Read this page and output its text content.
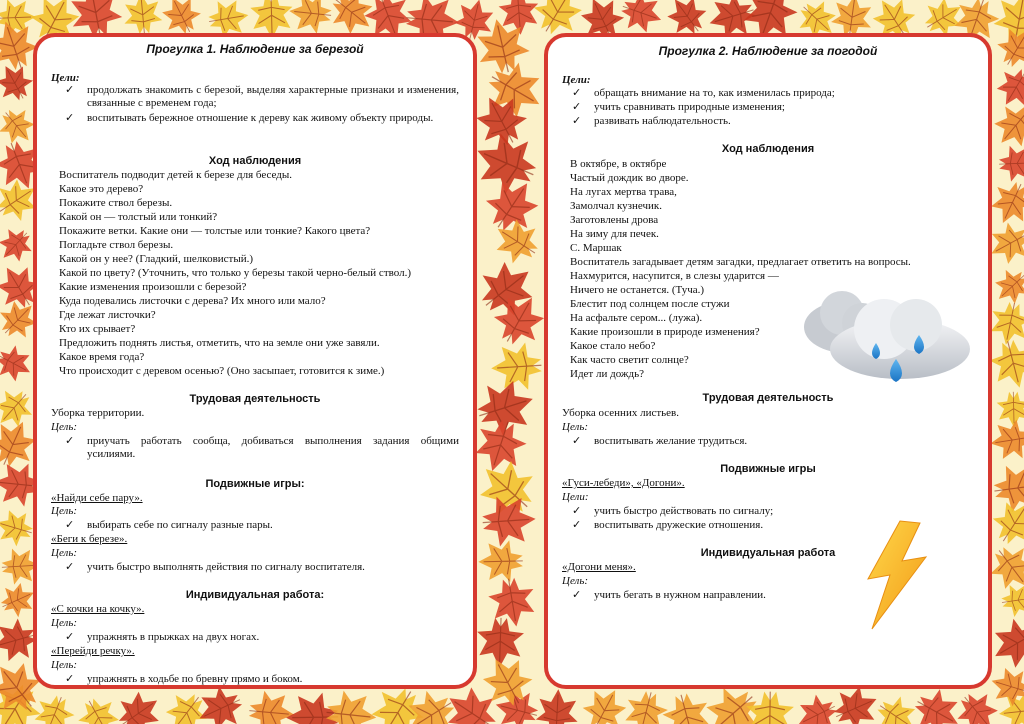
Прогулка 1. Наблюдение за березой
Цели:
✓ продолжать знакомить с березой, выделяя характерные признаки и изменения, связанные с временем года;
✓ воспитывать бережное отношение к дереву как живому объекту природы.
Ход наблюдения
Воспитатель подводит детей к березе для беседы.
Какое это дерево?
Покажите ствол березы.
Какой он — толстый или тонкий?
Покажите ветки. Какие они — толстые или тонкие? Какого цвета?
Погладьте ствол березы.
Какой он у нее? (Гладкий, шелковистый.)
Какой по цвету? (Уточнить, что только у березы такой черно-белый ствол.)
Какие изменения произошли с березой?
Куда подевались листочки с дерева? Их много или мало?
Где лежат листочки?
Кто их срывает?
Предложить поднять листья, отметить, что на земле они уже завяли.
Какое время года?
Что происходит с деревом осенью? (Оно засыпает, готовится к зиме.)
Трудовая деятельность
Уборка территории.
Цель:
✓ приучать работать сообща, добиваться выполнения задания общими усилиями.
Подвижные игры:
«Найди себе пару».
Цель:
✓ выбирать себе по сигналу разные пары.
«Беги к березе».
Цель:
✓ учить быстро выполнять действия по сигналу воспитателя.
Индивидуальная работа:
«С кочки на кочку».
Цель:
✓ упражнять в прыжках на двух ногах.
«Перейди речку».
Цель:
✓ упражнять в ходьбе по бревну прямо и боком.
Прогулка 2. Наблюдение за погодой
Цели:
✓ обращать внимание на то, как изменилась природа;
✓ учить сравнивать природные изменения;
✓ развивать наблюдательность.
Ход наблюдения
В октябре, в октябре
Частый дождик во дворе.
На лугах мертва трава,
Замолчал кузнечик.
Заготовлены дрова
На зиму для печек.
С. Маршак
Воспитатель загадывает детям загадки, предлагает ответить на вопросы.
Нахмурится, насупится, в слезы ударится —
Ничего не останется. (Туча.)
Блестит под солнцем после стужи
На асфальте сером... (лужа).
Какие произошли в природе изменения?
Какое стало небо?
Как часто светит солнце?
Идет ли дождь?
Трудовая деятельность
Уборка осенних листьев.
Цель:
✓ воспитывать желание трудиться.
Подвижные игры
«Гуси-лебеди», «Догони».
Цели:
✓ учить быстро действовать по сигналу;
✓ воспитывать дружеские отношения.
Индивидуальная работа
«Догони меня».
Цель:
✓ учить бегать в нужном направлении.
